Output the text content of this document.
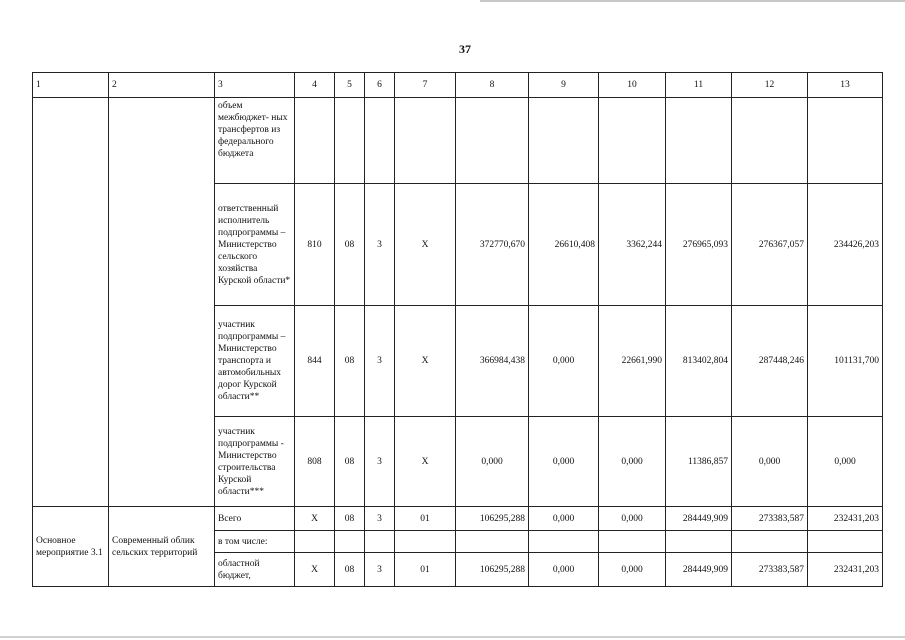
37
1	2	3	4	5	6	7	8	9	10	11	12	13
		объем межбюджет- ных трансфертов из федерального бюджета										
		ответственный исполнитель подпрограммы – Министерство сельского хозяйства Курской области*	810	08	3	Х	372770,670	26610,408	3362,244	276965,093	276367,057	234426,203
		участник подпрограммы – Министерство транспорта и автомобильных дорог Курской области**	844	08	3	Х	366984,438	0,000	22661,990	813402,804	287448,246	101131,700
		участник подпрограммы - Министерство строительства Курской области***	808	08	3	Х	0,000	0,000	0,000	11386,857	0,000	0,000
Основное мероприятие 3.1	Современный облик сельских территорий	Всего	Х	08	3	01	106295,288	0,000	0,000	284449,909	273383,587	232431,203
		в том числе:										
		областной бюджет,	Х	08	3	01	106295,288	0,000	0,000	284449,909	273383,587	232431,203
